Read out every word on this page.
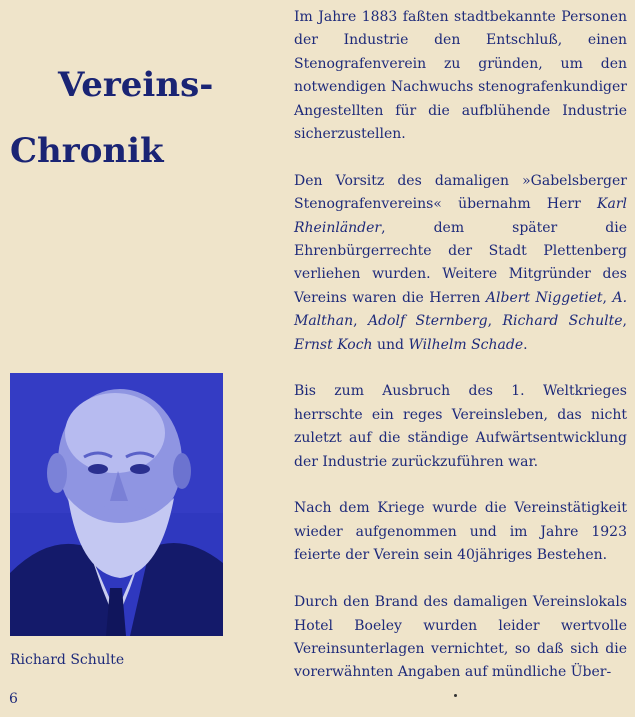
Vereins-
Chronik
Richard Schulte
6

Im Jahre 1883 faßten stadtbekannte Personen der Industrie den Entschluß, einen Stenografenverein zu gründen, um den notwendigen Nachwuchs stenografenkundiger Angestellten für die aufblühende Industrie sicherzustellen.

Den Vorsitz des damaligen »Gabelsberger Stenografenvereins« übernahm Herr Karl Rheinländer, dem später die Ehrenbürgerrechte der Stadt Plettenberg verliehen wurden. Weitere Mitgründer des Vereins waren die Herren Albert Niggetiet, A. Malthan, Adolf Sternberg, Richard Schulte, Ernst Koch und Wilhelm Schade.

Bis zum Ausbruch des 1. Weltkrieges herrschte ein reges Vereinsleben, das nicht zuletzt auf die ständige Aufwärtsentwicklung der Industrie zurückzuführen war.

Nach dem Kriege wurde die Vereinstätigkeit wieder aufgenommen und im Jahre 1923 feierte der Verein sein 40jähriges Bestehen.

Durch den Brand des damaligen Vereinslokals Hotel Boeley wurden leider wertvolle Vereinsunterlagen vernichtet, so daß sich die vorerwähnten Angaben auf mündliche Über-
